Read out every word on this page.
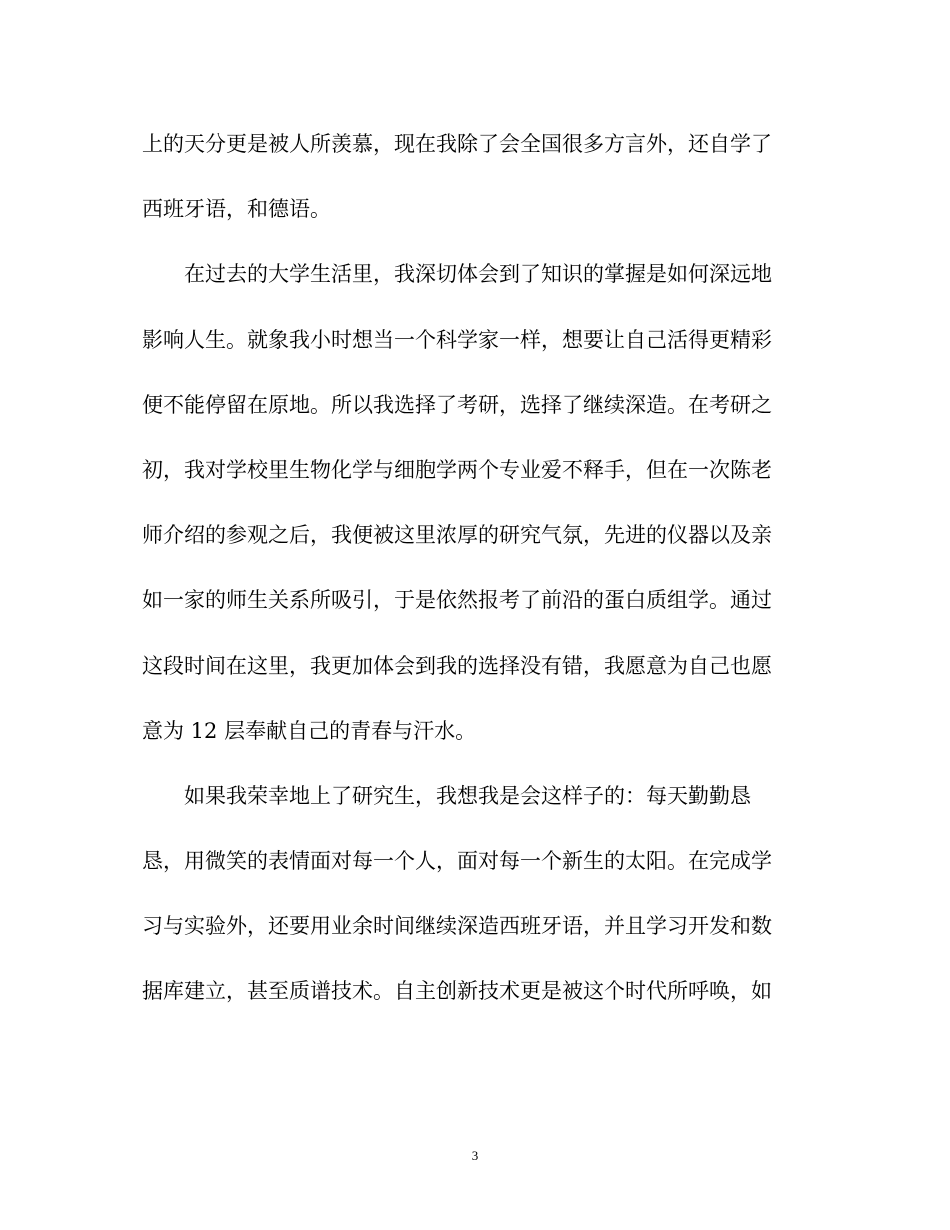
上的天分更是被人所羡慕，现在我除了会全国很多方言外，还自学了
西班牙语，和德语。
在过去的大学生活里，我深切体会到了知识的掌握是如何深远地
影响人生。就象我小时想当一个科学家一样，想要让自己活得更精彩
便不能停留在原地。所以我选择了考研，选择了继续深造。在考研之
初，我对学校里生物化学与细胞学两个专业爱不释手，但在一次陈老
师介绍的参观之后，我便被这里浓厚的研究气氛，先进的仪器以及亲
如一家的师生关系所吸引，于是依然报考了前沿的蛋白质组学。通过
这段时间在这里，我更加体会到我的选择没有错，我愿意为自己也愿
意为 12 层奉献自己的青春与汗水。
如果我荣幸地上了研究生，我想我是会这样子的：每天勤勤恳
恳，用微笑的表情面对每一个人，面对每一个新生的太阳。在完成学
习与实验外，还要用业余时间继续深造西班牙语，并且学习开发和数
据库建立，甚至质谱技术。自主创新技术更是被这个时代所呼唤，如
3
